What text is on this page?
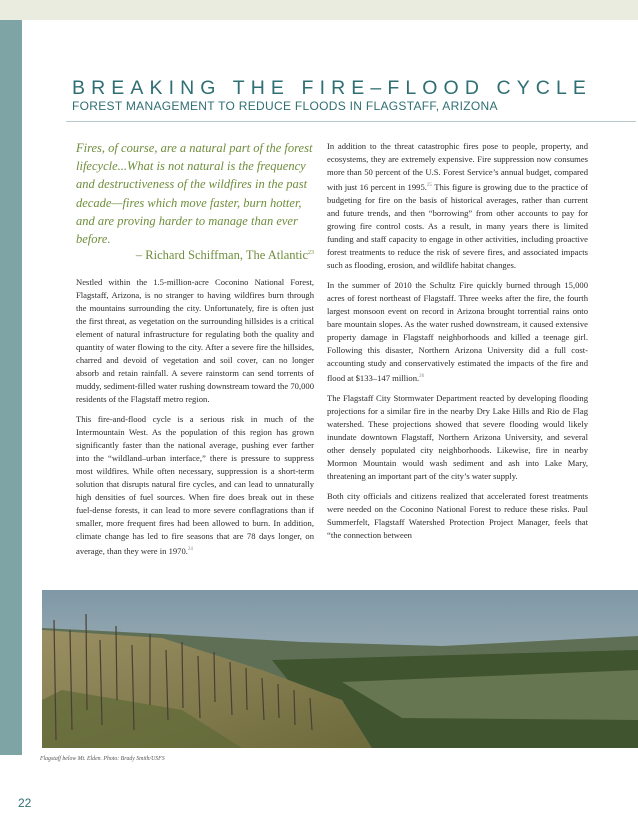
BREAKING THE FIRE–FLOOD CYCLE
FOREST MANAGEMENT TO REDUCE FLOODS IN FLAGSTAFF, ARIZONA
Fires, of course, are a natural part of the forest lifecycle...What is not natural is the frequency and destructiveness of the wildfires in the past decade—fires which move faster, burn hotter, and are proving harder to manage than ever before.
– Richard Schiffman, The Atlantic$^{23}$

Nestled within the 1.5-million-acre Coconino National Forest, Flagstaff, Arizona, is no stranger to having wildfires burn through the mountains surrounding the city. Unfortunately, fire is often just the first threat, as vegetation on the surrounding hillsides is a critical element of natural infrastructure for regulating both the quality and quantity of water flowing to the city. After a severe fire the hillsides, charred and devoid of vegetation and soil cover, can no longer absorb and retain rainfall. A severe rainstorm can send torrents of muddy, sediment-filled water rushing downstream toward the 70,000 residents of the Flagstaff metro region.

This fire-and-flood cycle is a serious risk in much of the Intermountain West. As the population of this region has grown significantly faster than the national average, pushing ever farther into the “wildland–urban interface,” there is pressure to suppress most wildfires. While often necessary, suppression is a short-term solution that disrupts natural fire cycles, and can lead to unnaturally high densities of fuel sources. When fire does break out in these fuel-dense forests, it can lead to more severe conflagrations than if smaller, more frequent fires had been allowed to burn. In addition, climate change has led to fire seasons that are 78 days longer, on average, than they were in 1970.24

In addition to the threat catastrophic fires pose to people, property, and ecosystems, they are extremely expensive. Fire suppression now consumes more than 50 percent of the U.S. Forest Service’s annual budget, compared with just 16 percent in 1995.25 This figure is growing due to the practice of budgeting for fire on the basis of historical averages, rather than current and future trends, and then “borrowing” from other accounts to pay for growing fire control costs. As a result, in many years there is limited funding and staff capacity to engage in other activities, including proactive forest treatments to reduce the risk of severe fires, and associated impacts such as flooding, erosion, and wildlife habitat changes.

In the summer of 2010 the Schultz Fire quickly burned through 15,000 acres of forest northeast of Flagstaff. Three weeks after the fire, the fourth largest monsoon event on record in Arizona brought torrential rains onto bare mountain slopes. As the water rushed downstream, it caused extensive property damage in Flagstaff neighborhoods and killed a teenage girl. Following this disaster, Northern Arizona University did a full cost-accounting study and conservatively estimated the impacts of the fire and flood at $133–147 million.$^{26}$

The Flagstaff City Stormwater Department reacted by developing flooding projections for a similar fire in the nearby Dry Lake Hills and Rio de Flag watershed. These projections showed that severe flooding would likely inundate downtown Flagstaff, Northern Arizona University, and several other densely populated city neighborhoods. Likewise, fire in nearby Mormon Mountain would wash sediment and ash into Lake Mary, threatening an important part of the city’s water supply.

Both city officials and citizens realized that accelerated forest treatments were needed on the Coconino National Forest to reduce these risks. Paul Summerfelt, Flagstaff Watershed Protection Project Manager, feels that “the connection between

Flagstaff below Mt. Elden. Photo: Brady Smith/USFS
22
